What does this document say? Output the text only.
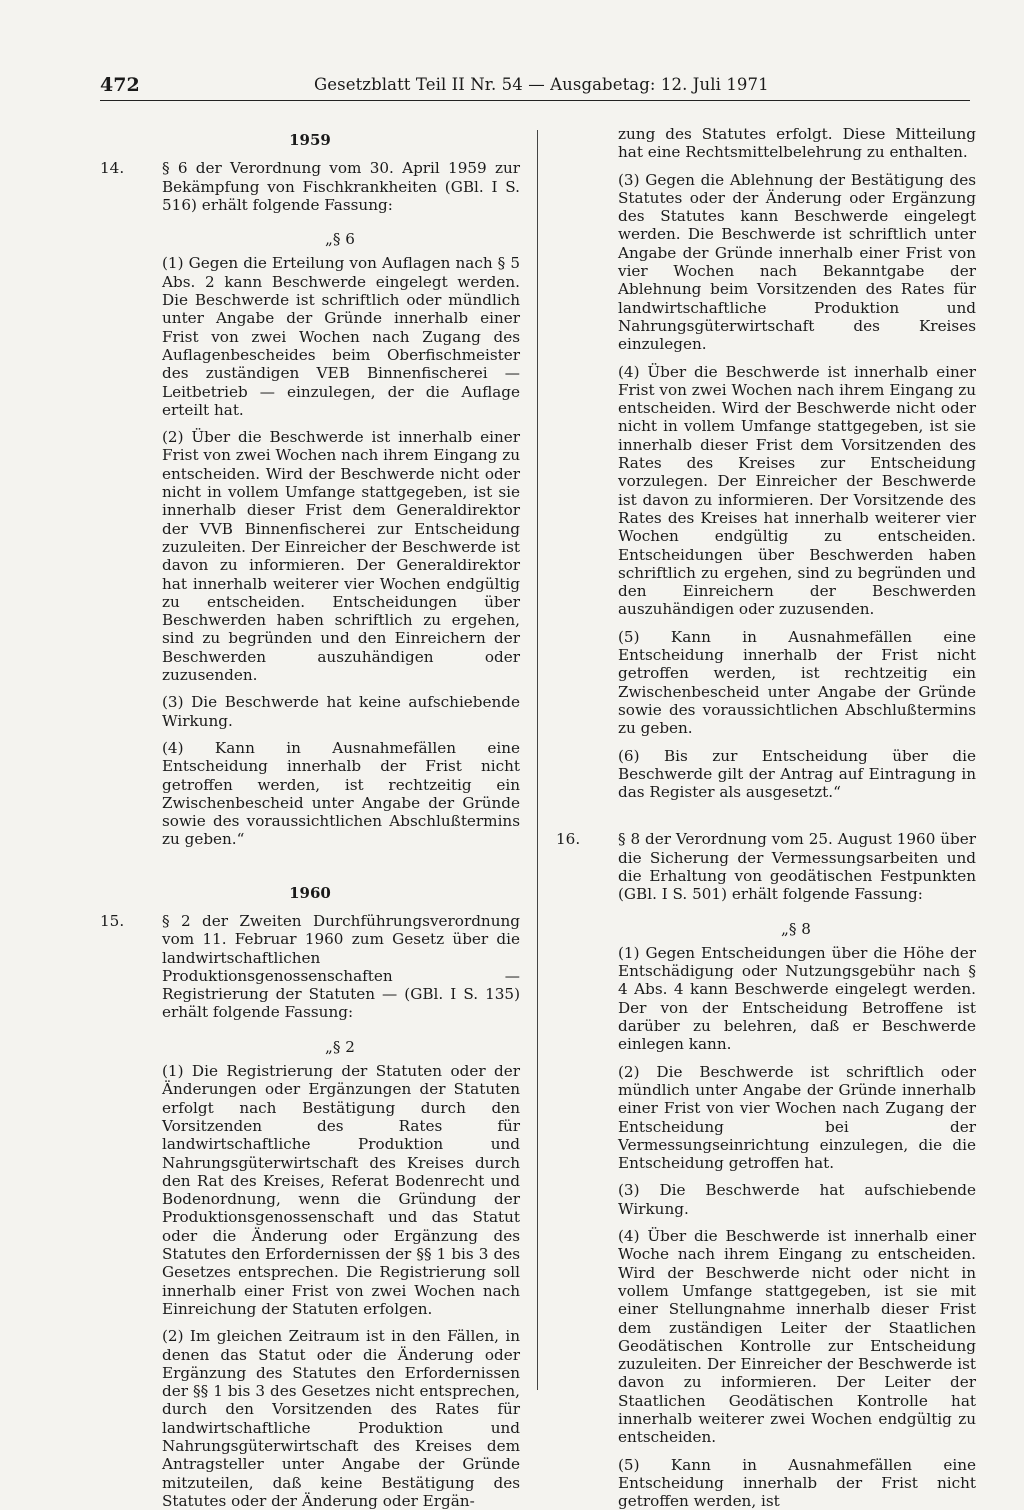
472	Gesetzblatt Teil II Nr. 54 — Ausgabetag: 12. Juli 1971
1959
14.	§ 6 der Verordnung vom 30. April 1959 zur Bekämpfung von Fischkrankheiten (GBl. I S. 516) erhält folgende Fassung:
„§ 6

(1) Gegen die Erteilung von Auflagen nach § 5 Abs. 2 kann Beschwerde eingelegt werden. Die Beschwerde ist schriftlich oder mündlich unter Angabe der Gründe innerhalb einer Frist von zwei Wochen nach Zugang des Auflagenbescheides beim Oberfischmeister des zuständigen VEB Binnenfischerei — Leitbetrieb — einzulegen, der die Auflage erteilt hat.

(2) Über die Beschwerde ist innerhalb einer Frist von zwei Wochen nach ihrem Eingang zu entscheiden. Wird der Beschwerde nicht oder nicht in vollem Umfange stattgegeben, ist sie innerhalb dieser Frist dem Generaldirektor der VVB Binnenfischerei zur Entscheidung zuzuleiten. Der Einreicher der Beschwerde ist davon zu informieren. Der Generaldirektor hat innerhalb weiterer vier Wochen endgültig zu entscheiden. Entscheidungen über Beschwerden haben schriftlich zu ergehen, sind zu begründen und den Einreichern der Beschwerden auszuhändigen oder zuzusenden.

(3) Die Beschwerde hat keine aufschiebende Wirkung.

(4) Kann in Ausnahmefällen eine Entscheidung innerhalb der Frist nicht getroffen werden, ist rechtzeitig ein Zwischenbescheid unter Angabe der Gründe sowie des voraussichtlichen Abschlußtermins zu geben.“

1960
15.	§ 2 der Zweiten Durchführungsverordnung vom 11. Februar 1960 zum Gesetz über die landwirtschaftlichen Produktionsgenossenschaften — Registrierung der Statuten — (GBl. I S. 135) erhält folgende Fassung:
„§ 2

(1) Die Registrierung der Statuten oder der Änderungen oder Ergänzungen der Statuten erfolgt nach Bestätigung durch den Vorsitzenden des Rates für landwirtschaftliche Produktion und Nahrungsgüterwirtschaft des Kreises durch den Rat des Kreises, Referat Bodenrecht und Bodenordnung, wenn die Gründung der Produktionsgenossenschaft und das Statut oder die Änderung oder Ergänzung des Statutes den Erfordernissen der §§ 1 bis 3 des Gesetzes entsprechen. Die Registrierung soll innerhalb einer Frist von zwei Wochen nach Einreichung der Statuten erfolgen.

(2) Im gleichen Zeitraum ist in den Fällen, in denen das Statut oder die Änderung oder Ergänzung des Statutes den Erfordernissen der §§ 1 bis 3 des Gesetzes nicht entsprechen, durch den Vorsitzenden des Rates für landwirtschaftliche Produktion und Nahrungsgüterwirtschaft des Kreises dem Antragsteller unter Angabe der Gründe mitzuteilen, daß keine Bestätigung des Statutes oder der Änderung oder Ergän-

zung des Statutes erfolgt. Diese Mitteilung hat eine Rechtsmittelbelehrung zu enthalten.

(3) Gegen die Ablehnung der Bestätigung des Statutes oder der Änderung oder Ergänzung des Statutes kann Beschwerde eingelegt werden. Die Beschwerde ist schriftlich unter Angabe der Gründe innerhalb einer Frist von vier Wochen nach Bekanntgabe der Ablehnung beim Vorsitzenden des Rates für landwirtschaftliche Produktion und Nahrungsgüterwirtschaft des Kreises einzulegen.

(4) Über die Beschwerde ist innerhalb einer Frist von zwei Wochen nach ihrem Eingang zu entscheiden. Wird der Beschwerde nicht oder nicht in vollem Umfange stattgegeben, ist sie innerhalb dieser Frist dem Vorsitzenden des Rates des Kreises zur Entscheidung vorzulegen. Der Einreicher der Beschwerde ist davon zu informieren. Der Vorsitzende des Rates des Kreises hat innerhalb weiterer vier Wochen endgültig zu entscheiden. Entscheidungen über Beschwerden haben schriftlich zu ergehen, sind zu begründen und den Einreichern der Beschwerden auszuhändigen oder zuzusenden.

(5) Kann in Ausnahmefällen eine Entscheidung innerhalb der Frist nicht getroffen werden, ist rechtzeitig ein Zwischenbescheid unter Angabe der Gründe sowie des voraussichtlichen Abschlußtermins zu geben.

(6) Bis zur Entscheidung über die Beschwerde gilt der Antrag auf Eintragung in das Register als ausgesetzt.“

16.	§ 8 der Verordnung vom 25. August 1960 über die Sicherung der Vermessungsarbeiten und die Erhaltung von geodätischen Festpunkten (GBl. I S. 501) erhält folgende Fassung:
„§ 8

(1) Gegen Entscheidungen über die Höhe der Entschädigung oder Nutzungsgebühr nach § 4 Abs. 4 kann Beschwerde eingelegt werden. Der von der Entscheidung Betroffene ist darüber zu belehren, daß er Beschwerde einlegen kann.

(2) Die Beschwerde ist schriftlich oder mündlich unter Angabe der Gründe innerhalb einer Frist von vier Wochen nach Zugang der Entscheidung bei der Vermessungseinrichtung einzulegen, die die Entscheidung getroffen hat.

(3) Die Beschwerde hat aufschiebende Wirkung.

(4) Über die Beschwerde ist innerhalb einer Woche nach ihrem Eingang zu entscheiden. Wird der Beschwerde nicht oder nicht in vollem Umfange stattgegeben, ist sie mit einer Stellungnahme innerhalb dieser Frist dem zuständigen Leiter der Staatlichen Geodätischen Kontrolle zur Entscheidung zuzuleiten. Der Einreicher der Beschwerde ist davon zu informieren. Der Leiter der Staatlichen Geodätischen Kontrolle hat innerhalb weiterer zwei Wochen endgültig zu entscheiden.

(5) Kann in Ausnahmefällen eine Entscheidung innerhalb der Frist nicht getroffen werden, ist
